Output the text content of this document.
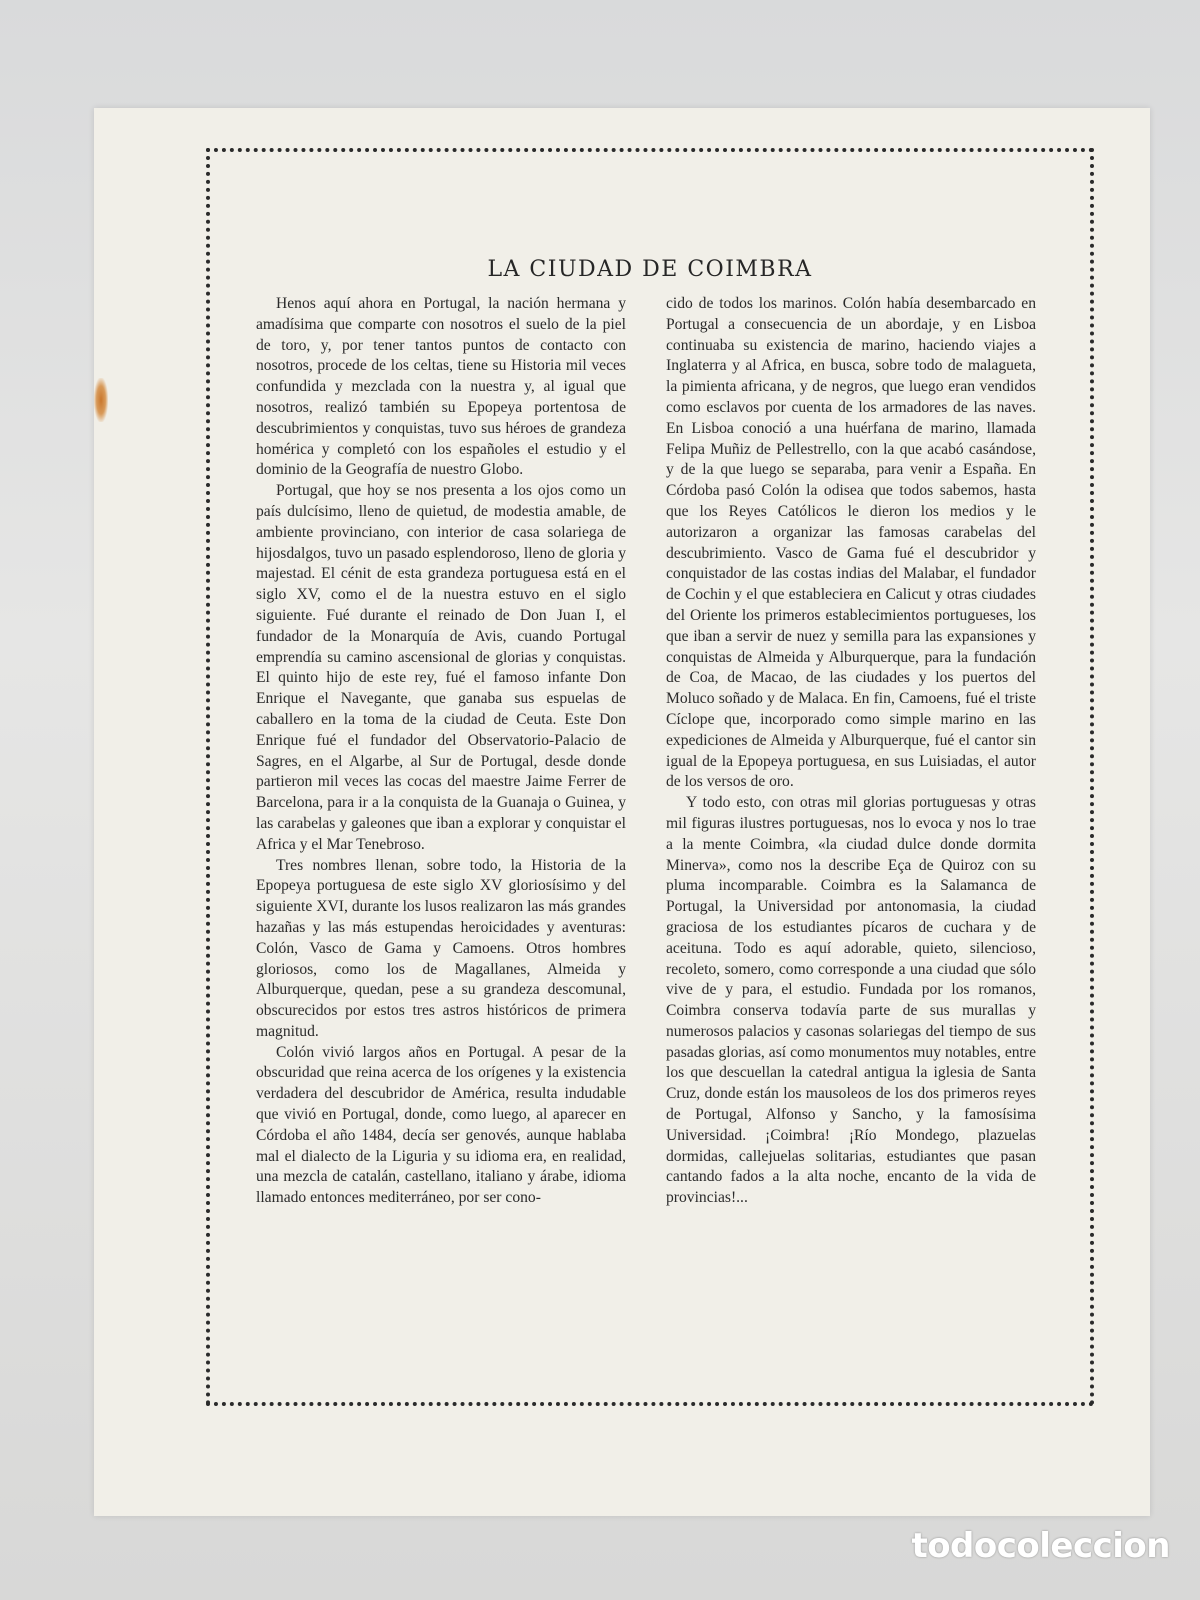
LA CIUDAD DE COIMBRA

Henos aquí ahora en Portugal, la nación hermana y amadísima que comparte con nosotros el suelo de la piel de toro, y, por tener tantos puntos de contacto con nosotros, procede de los celtas, tiene su Historia mil veces confundida y mezclada con la nuestra y, al igual que nosotros, realizó también su Epopeya portentosa de descubrimientos y conquistas, tuvo sus héroes de grandeza homérica y completó con los españoles el estudio y el dominio de la Geografía de nuestro Globo.

Portugal, que hoy se nos presenta a los ojos como un país dulcísimo, lleno de quietud, de modestia amable, de ambiente provinciano, con interior de casa solariega de hijosdalgos, tuvo un pasado esplendoroso, lleno de gloria y majestad. El cénit de esta grandeza portuguesa está en el siglo XV, como el de la nuestra estuvo en el siglo siguiente. Fué durante el reinado de Don Juan I, el fundador de la Monarquía de Avis, cuando Portugal emprendía su camino ascensional de glorias y conquistas. El quinto hijo de este rey, fué el famoso infante Don Enrique el Navegante, que ganaba sus espuelas de caballero en la toma de la ciudad de Ceuta. Este Don Enrique fué el fundador del Observatorio-Palacio de Sagres, en el Algarbe, al Sur de Portugal, desde donde partieron mil veces las cocas del maestre Jaime Ferrer de Barcelona, para ir a la conquista de la Guanaja o Guinea, y las carabelas y galeones que iban a explorar y conquistar el Africa y el Mar Tenebroso.

Tres nombres llenan, sobre todo, la Historia de la Epopeya portuguesa de este siglo XV gloriosísimo y del siguiente XVI, durante los lusos realizaron las más grandes hazañas y las más estupendas heroicidades y aventuras: Colón, Vasco de Gama y Camoens. Otros hombres gloriosos, como los de Magallanes, Almeida y Alburquerque, quedan, pese a su grandeza descomunal, obscurecidos por estos tres astros históricos de primera magnitud.

Colón vivió largos años en Portugal. A pesar de la obscuridad que reina acerca de los orígenes y la existencia verdadera del descubridor de América, resulta indudable que vivió en Portugal, donde, como luego, al aparecer en Córdoba el año 1484, decía ser genovés, aunque hablaba mal el dialecto de la Liguria y su idioma era, en realidad, una mezcla de catalán, castellano, italiano y árabe, idioma llamado entonces mediterráneo, por ser cono-

cido de todos los marinos. Colón había desembarcado en Portugal a consecuencia de un abordaje, y en Lisboa continuaba su existencia de marino, haciendo viajes a Inglaterra y al Africa, en busca, sobre todo de malagueta, la pimienta africana, y de negros, que luego eran vendidos como esclavos por cuenta de los armadores de las naves. En Lisboa conoció a una huérfana de marino, llamada Felipa Muñiz de Pellestrello, con la que acabó casándose, y de la que luego se separaba, para venir a España. En Córdoba pasó Colón la odisea que todos sabemos, hasta que los Reyes Católicos le dieron los medios y le autorizaron a organizar las famosas carabelas del descubrimiento. Vasco de Gama fué el descubridor y conquistador de las costas indias del Malabar, el fundador de Cochin y el que estableciera en Calicut y otras ciudades del Oriente los primeros establecimientos portugueses, los que iban a servir de nuez y semilla para las expansiones y conquistas de Almeida y Alburquerque, para la fundación de Coa, de Macao, de las ciudades y los puertos del Moluco soñado y de Malaca. En fin, Camoens, fué el triste Cíclope que, incorporado como simple marino en las expediciones de Almeida y Alburquerque, fué el cantor sin igual de la Epopeya portuguesa, en sus Luisiadas, el autor de los versos de oro.

Y todo esto, con otras mil glorias portuguesas y otras mil figuras ilustres portuguesas, nos lo evoca y nos lo trae a la mente Coimbra, «la ciudad dulce donde dormita Minerva», como nos la describe Eça de Quiroz con su pluma incomparable. Coimbra es la Salamanca de Portugal, la Universidad por antonomasia, la ciudad graciosa de los estudiantes pícaros de cuchara y de aceituna. Todo es aquí adorable, quieto, silencioso, recoleto, somero, como corresponde a una ciudad que sólo vive de y para, el estudio. Fundada por los romanos, Coimbra conserva todavía parte de sus murallas y numerosos palacios y casonas solariegas del tiempo de sus pasadas glorias, así como monumentos muy notables, entre los que descuellan la catedral antigua la iglesia de Santa Cruz, donde están los mausoleos de los dos primeros reyes de Portugal, Alfonso y Sancho, y la famosísima Universidad. ¡Coimbra! ¡Río Mondego, plazuelas dormidas, callejuelas solitarias, estudiantes que pasan cantando fados a la alta noche, encanto de la vida de provincias!...

todocoleccion
